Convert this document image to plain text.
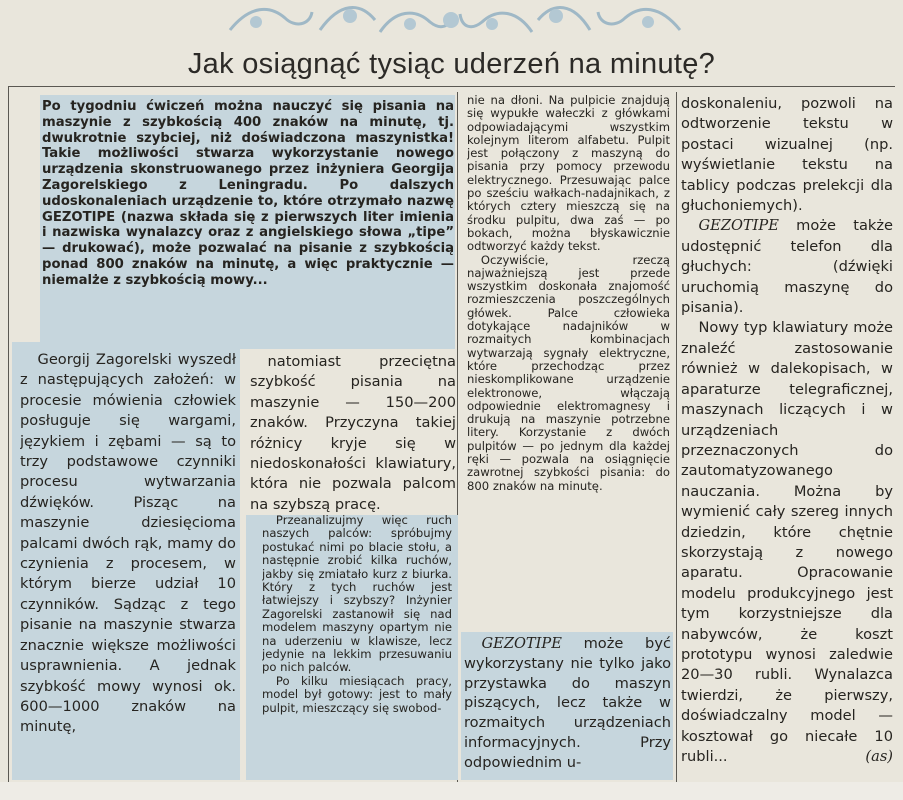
Jak osiągnąć tysiąc uderzeń na minutę?

Po tygodniu ćwiczeń można nauczyć się pisania na maszynie z szybkością 400 znaków na minutę, tj. dwukrotnie szybciej, niż doświadczona maszynistka! Takie możliwości stwarza wykorzystanie nowego urządzenia skonstruowanego przez inżyniera Georgija Zagorelskiego z Leningradu. Po dalszych udoskonaleniach urządzenie to, które otrzymało nazwę GEZOTIPE (nazwa składa się z pierwszych liter imienia i nazwiska wynalazcy oraz z angielskiego słowa „tipe” — drukować), może pozwalać na pisanie z szybkością ponad 800 znaków na minutę, a więc praktycznie — niemalże z szybkością mowy...

Georgij Zagorelski wyszedł z następujących założeń: w procesie mówienia człowiek posługuje się wargami, językiem i zębami — są to trzy podstawowe czynniki procesu wytwarzania dźwięków. Pisząc na maszynie dziesięcioma palcami dwóch rąk, mamy do czynienia z procesem, w którym bierze udział 10 czynników. Sądząc z tego pisanie na maszynie stwarza znacznie większe możliwości usprawnienia. A jednak szybkość mowy wynosi ok. 600—1000 znaków na minutę,

natomiast przeciętna szybkość pisania na maszynie — 150—200 znaków. Przyczyna takiej różnicy kryje się w niedoskonałości klawiatury, która nie pozwala palcom na szybszą pracę.

Przeanalizujmy więc ruch naszych palców: spróbujmy postukać nimi po blacie stołu, a następnie zrobić kilka ruchów, jakby się zmiatało kurz z biurka. Który z tych ruchów jest łatwiejszy i szybszy? Inżynier Zagorelski zastanowił się nad modelem maszyny opartym nie na uderzeniu w klawisze, lecz jedynie na lekkim przesuwaniu po nich palców.

Po kilku miesiącach pracy, model był gotowy: jest to mały pulpit, mieszczący się swobod-

nie na dłoni. Na pulpicie znajdują się wypukłe wałeczki z główkami odpowiadającymi wszystkim kolejnym literom alfabetu. Pulpit jest połączony z maszyną do pisania przy pomocy przewodu elektrycznego. Przesuwając palce po sześciu wałkach-nadajnikach, z których cztery mieszczą się na środku pulpitu, dwa zaś — po bokach, można błyskawicznie odtworzyć każdy tekst.

Oczywiście, rzeczą najważniejszą jest przede wszystkim doskonała znajomość rozmieszczenia poszczególnych główek. Palce człowieka dotykające nadajników w rozmaitych kombinacjach wytwarzają sygnały elektryczne, które przechodząc przez nieskomplikowane urządzenie elektronowe, włączają odpowiednie elektromagnesy i drukują na maszynie potrzebne litery. Korzystanie z dwóch pulpitów — po jednym dla każdej ręki — pozwala na osiągnięcie zawrotnej szybkości pisania: do 800 znaków na minutę.

GEZOTIPE może być wykorzystany nie tylko jako przystawka do maszyn piszących, lecz także w rozmaitych urządzeniach informacyjnych. Przy odpowiednim u-

doskonaleniu, pozwoli na odtworzenie tekstu w postaci wizualnej (np. wyświetlanie tekstu na tablicy podczas prelekcji dla głuchoniemych).

GEZOTIPE może także udostępnić telefon dla głuchych: (dźwięki uruchomią maszynę do pisania).

Nowy typ klawiatury może znaleźć zastosowanie również w dalekopisach, w aparaturze telegraficznej, maszynach liczących i w urządzeniach przeznaczonych do zautomatyzowanego nauczania. Można by wymienić cały szereg innych dziedzin, które chętnie skorzystają z nowego aparatu. Opracowanie modelu produkcyjnego jest tym korzystniejsze dla nabywców, że koszt prototypu wynosi zaledwie 20—30 rubli. Wynalazca twierdzi, że pierwszy, doświadczalny model — kosztował go niecałe 10 rubli...	(as)
